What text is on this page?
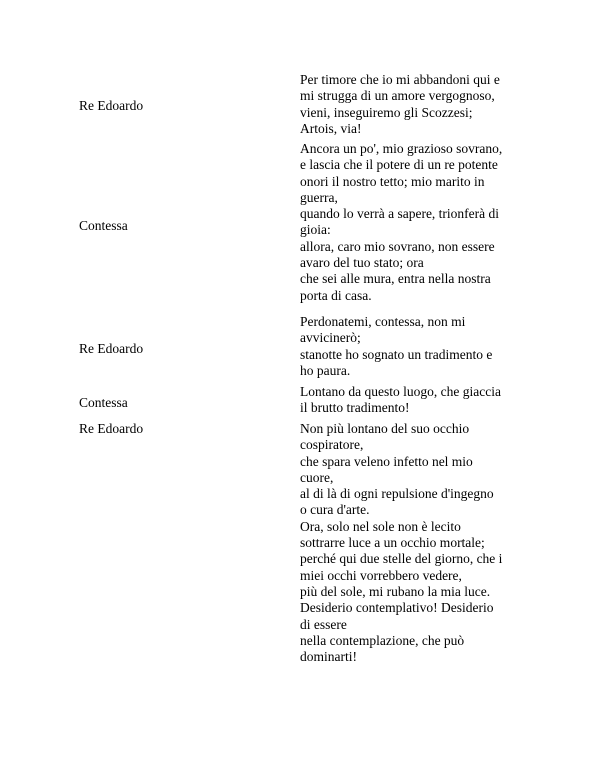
Re Edoardo
Per timore che io mi abbandoni qui e
mi strugga di un amore vergognoso,
vieni, inseguiremo gli Scozzesi;
Artois, via!
Contessa
Ancora un po', mio grazioso sovrano,
e lascia che il potere di un re potente
onori il nostro tetto; mio marito in
guerra,
quando lo verrà a sapere, trionferà di
gioia:
allora, caro mio sovrano, non essere
avaro del tuo stato; ora
che sei alle mura, entra nella nostra
porta di casa.
Re Edoardo
Perdonatemi, contessa, non mi
avvicinerò;
stanotte ho sognato un tradimento e
ho paura.
Contessa
Lontano da questo luogo, che giaccia
il brutto tradimento!
Re Edoardo	Non più lontano del suo occhio
cospiratore,
che spara veleno infetto nel mio
cuore,
al di là di ogni repulsione d'ingegno
o cura d'arte.
Ora, solo nel sole non è lecito
sottrarre luce a un occhio mortale;
perché qui due stelle del giorno, che i
miei occhi vorrebbero vedere,
più del sole, mi rubano la mia luce.
Desiderio contemplativo! Desiderio
di essere
nella contemplazione, che può
dominarti!
